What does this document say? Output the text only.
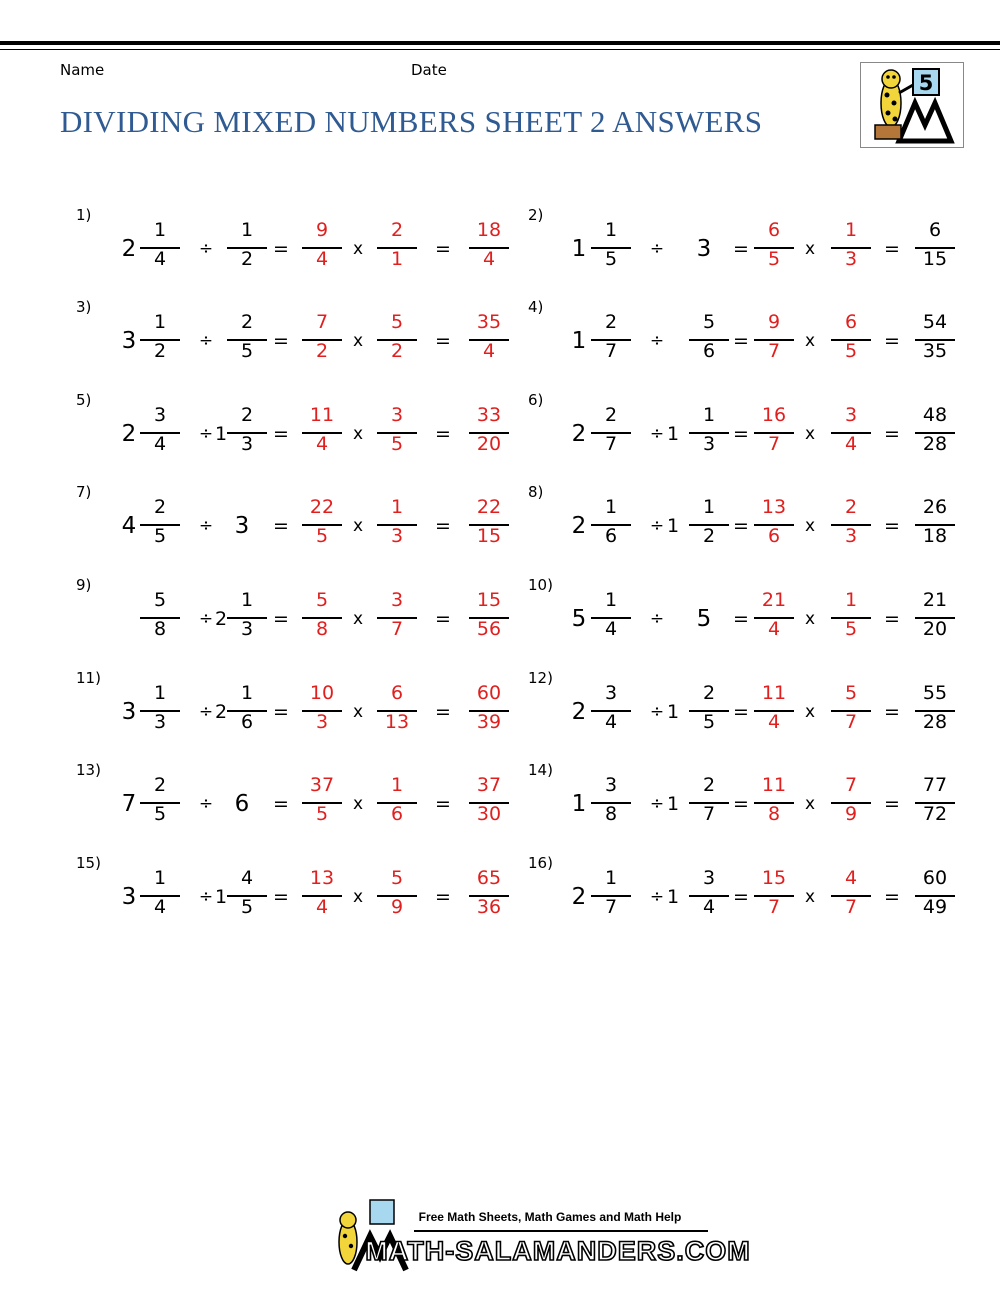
Name	Date
DIVIDING MIXED NUMBERS SHEET 2 ANSWERS
5
1)
2
1
4	÷
1
2	=
9
4	x
2
1	=
18
4
2)
1
1
5	÷ 3 =
6
5	x
1
3	=
6
15
3)
3
1
2	÷
2
5	=
7
2	x
5
2	=
35
4
4)
1
2
7	÷
5
6 =
9
7	x
6
5	=
54
35
5)
2
3
4	÷ 1
2
3	=
11
4	x
3
5	=
33
20
6)
2
2
7	÷ 1
1
3 =
16
7	x
3
4	=
48
28
7)
4
2
5	÷ 3 =
22
5	x
1
3	=
22
15
8)
2
1
6	÷ 1
1
2 =
13
6	x
2
3	=
26
18
9)
5
8	÷ 2
1
3	=
5
8	x
3
7	=
15
56
10)
5
1
4	÷ 5 =
21
4	x
1
5	=
21
20
11)
3
1
3	÷ 2
1
6	=
10
3	x
6
13	=
60
39
12)
2
3
4	÷ 1
2
5 =
11
4	x
5
7	=
55
28
13)
7
2
5	÷ 6 =
37
5	x
1
6	=
37
30
14)
1
3
8	÷ 1
2
7 =
11
8	x
7
9	=
77
72
15)
3
1
4	÷ 1
4
5	=
13
4	x
5
9	=
65
36
16)
2
1
7	÷ 1
3
4 =
15
7	x
4
7	=
60
49
Free Math Sheets, Math Games and Math Help
MATH-SALAMANDERS.COM
